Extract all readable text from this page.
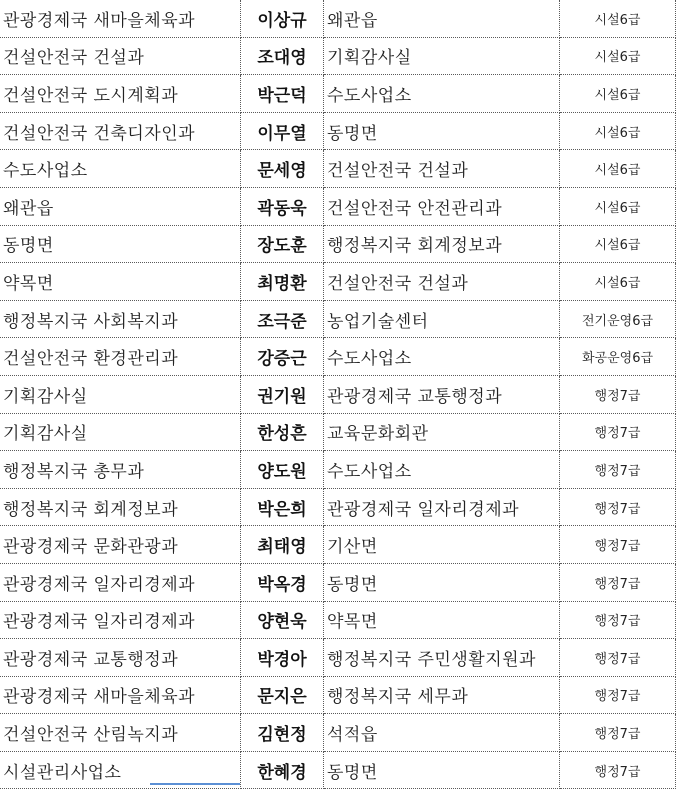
관광경제국 새마을체육과	이상규	왜관읍	시설6급
건설안전국 건설과	조대영	기획감사실	시설6급
건설안전국 도시계획과	박근덕	수도사업소	시설6급
건설안전국 건축디자인과	이무열	동명면	시설6급
수도사업소	문세영	건설안전국 건설과	시설6급
왜관읍	곽동욱	건설안전국 안전관리과	시설6급
동명면	장도훈	행정복지국 회계정보과	시설6급
약목면	최명환	건설안전국 건설과	시설6급
행정복지국 사회복지과	조극준	농업기술센터	전기운영6급
건설안전국 환경관리과	강증근	수도사업소	화공운영6급
기획감사실	권기원	관광경제국 교통행정과	행정7급
기획감사실	한성흔	교육문화회관	행정7급
행정복지국 총무과	양도원	수도사업소	행정7급
행정복지국 회계정보과	박은희	관광경제국 일자리경제과	행정7급
관광경제국 문화관광과	최태영	기산면	행정7급
관광경제국 일자리경제과	박옥경	동명면	행정7급
관광경제국 일자리경제과	양현욱	약목면	행정7급
관광경제국 교통행정과	박경아	행정복지국 주민생활지원과	행정7급
관광경제국 새마을체육과	문지은	행정복지국 세무과	행정7급
건설안전국 산림녹지과	김현정	석적읍	행정7급
시설관리사업소	한혜경	동명면	행정7급
